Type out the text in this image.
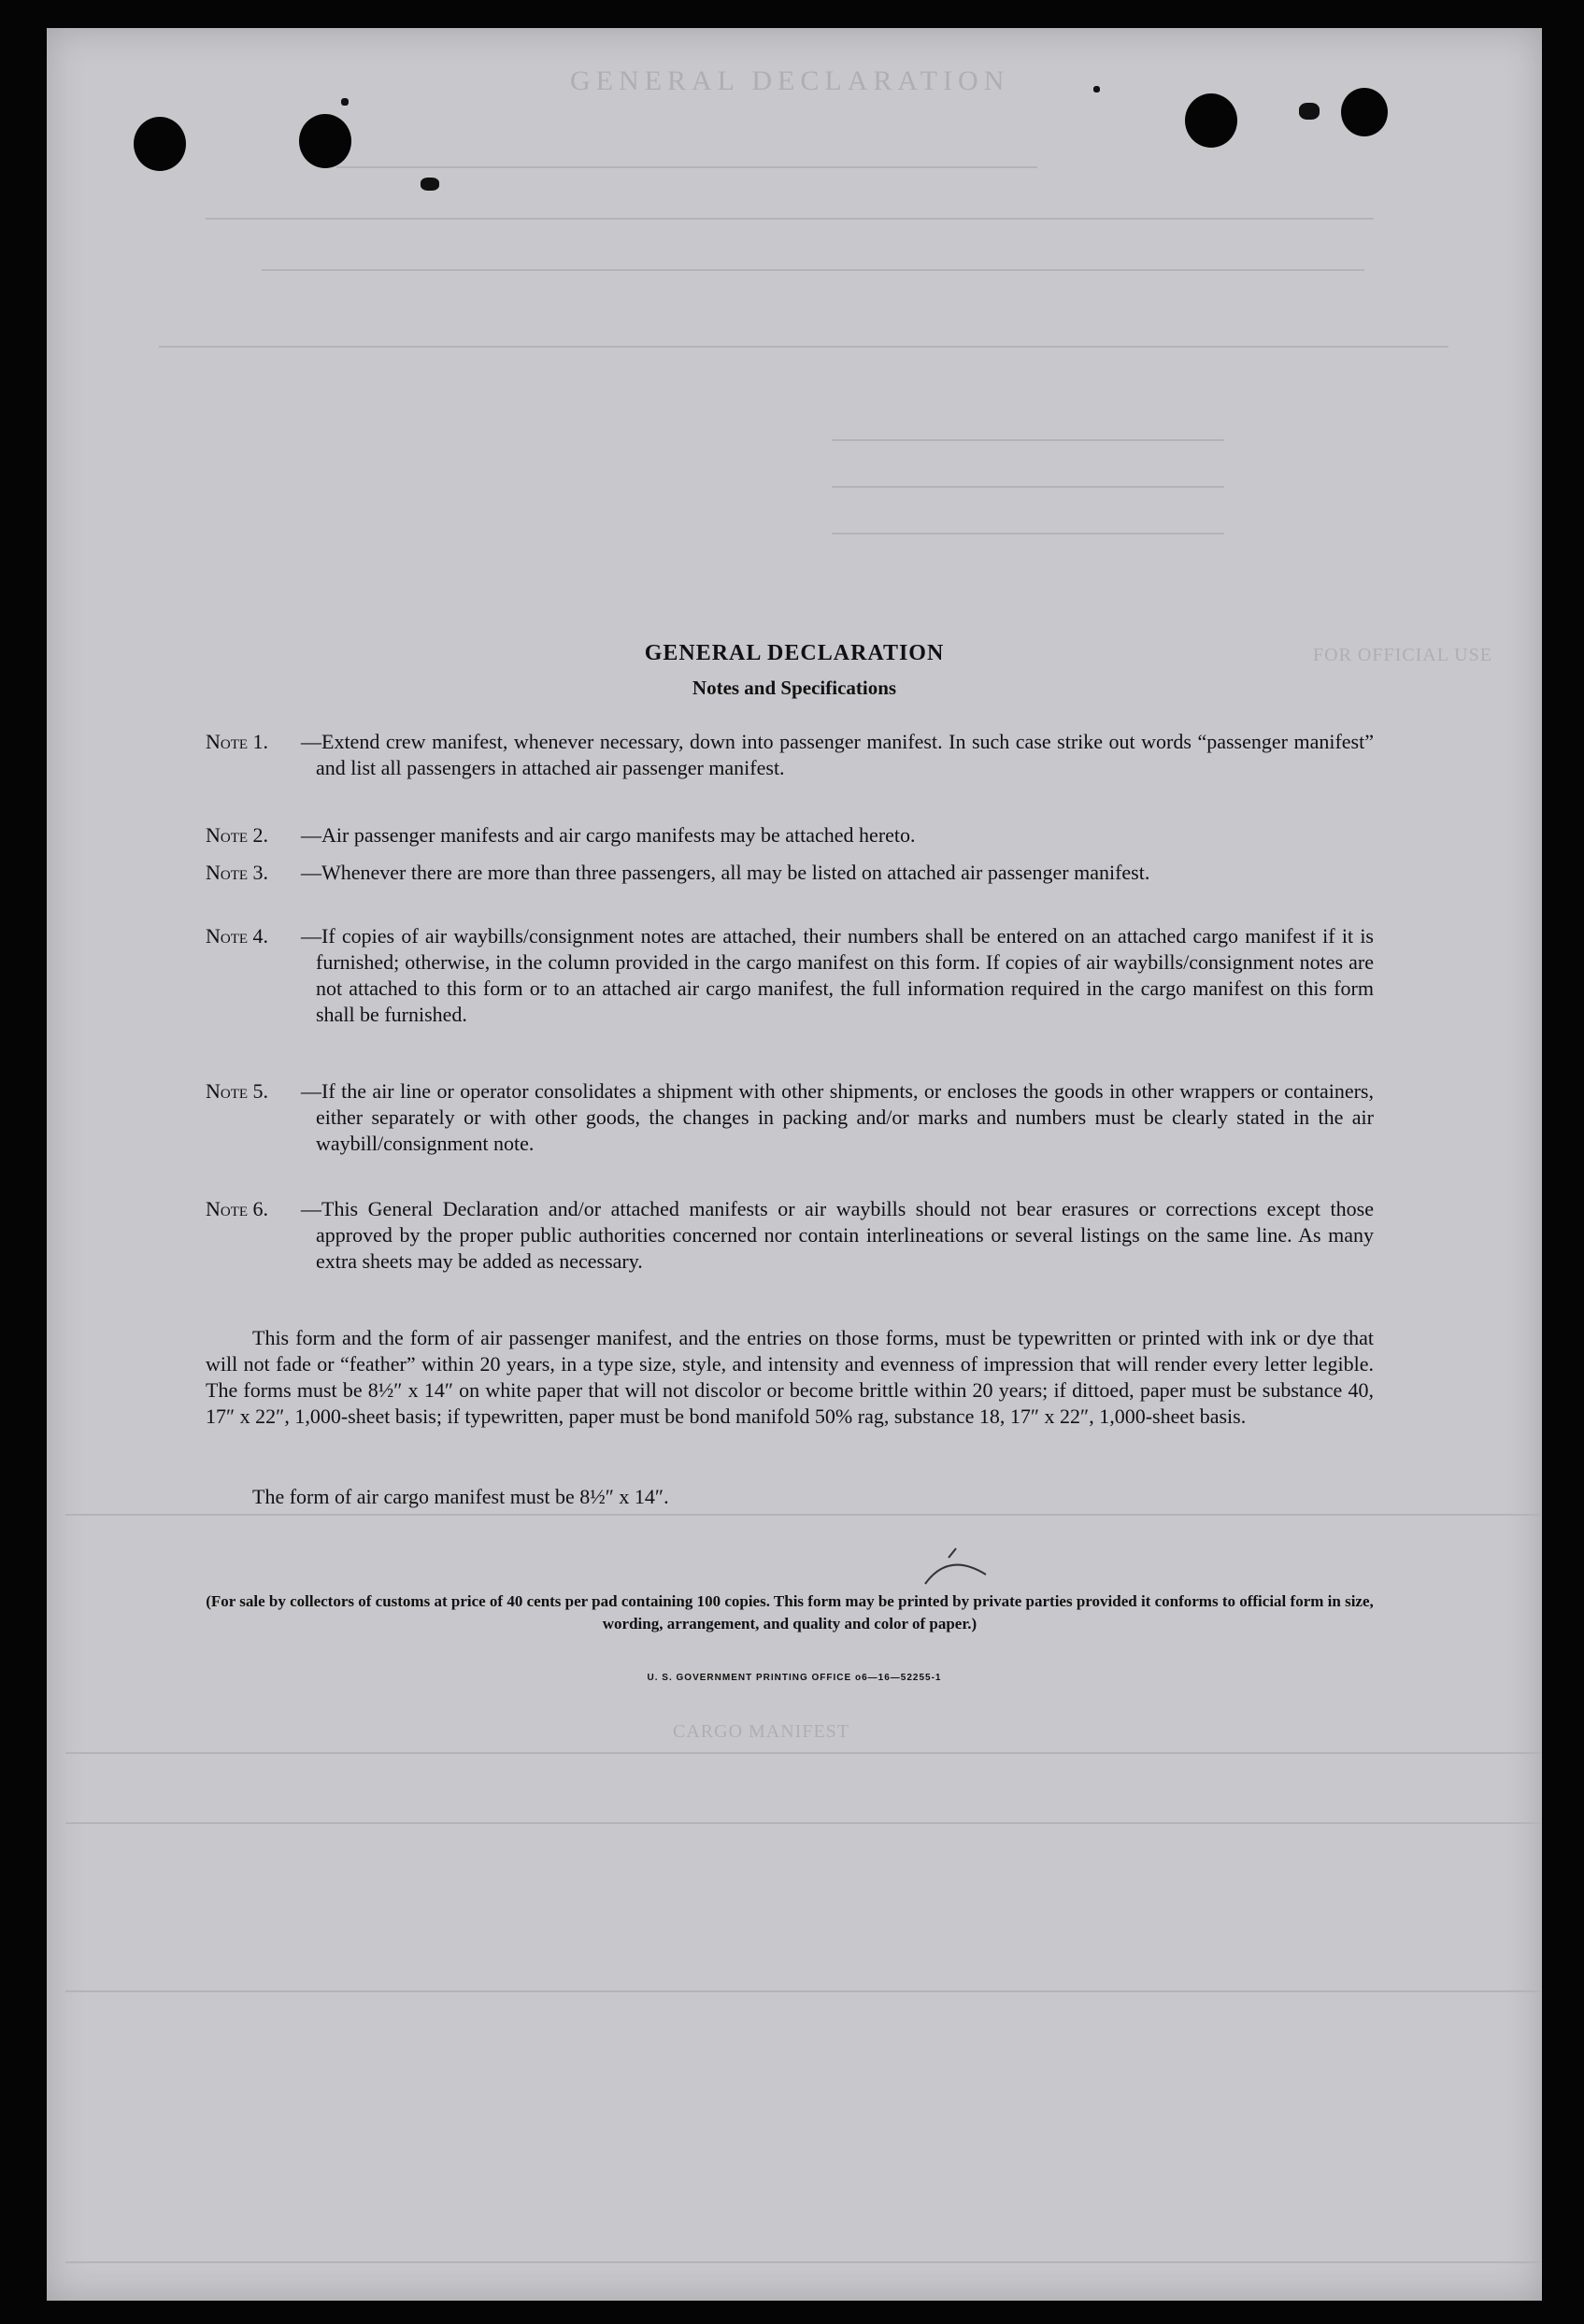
GENERAL DECLARATION
FOR OFFICIAL USE
CARGO MANIFEST
GENERAL DECLARATION
Notes and Specifications
Note 1. —Extend crew manifest, whenever necessary, down into passenger manifest. In such case strike out words “passenger manifest” and list all passengers in attached air passenger manifest.
Note 2. —Air passenger manifests and air cargo manifests may be attached hereto.
Note 3. —Whenever there are more than three passengers, all may be listed on attached air passenger manifest.
Note 4. —If copies of air waybills/consignment notes are attached, their numbers shall be entered on an attached cargo manifest if it is furnished; otherwise, in the column provided in the cargo manifest on this form. If copies of air waybills/consignment notes are not attached to this form or to an attached air cargo manifest, the full information required in the cargo manifest on this form shall be furnished.
Note 5. —If the air line or operator consolidates a shipment with other shipments, or encloses the goods in other wrappers or containers, either separately or with other goods, the changes in packing and/or marks and numbers must be clearly stated in the air waybill/consignment note.
Note 6. —This General Declaration and/or attached manifests or air waybills should not bear erasures or corrections except those approved by the proper public authorities concerned nor contain interlineations or several listings on the same line. As many extra sheets may be added as necessary.
This form and the form of air passenger manifest, and the entries on those forms, must be typewritten or printed with ink or dye that will not fade or “feather” within 20 years, in a type size, style, and intensity and evenness of impression that will render every letter legible. The forms must be 8½″ x 14″ on white paper that will not discolor or become brittle within 20 years; if dittoed, paper must be substance 40, 17″ x 22″, 1,000-sheet basis; if typewritten, paper must be bond manifold 50% rag, substance 18, 17″ x 22″, 1,000-sheet basis.
The form of air cargo manifest must be 8½″ x 14″.
(For sale by collectors of customs at price of 40 cents per pad containing 100 copies. This form may be printed by private parties provided it conforms to official form in size, wording, arrangement, and quality and color of paper.)
U. S. GOVERNMENT PRINTING OFFICE o6—16—52255-1
